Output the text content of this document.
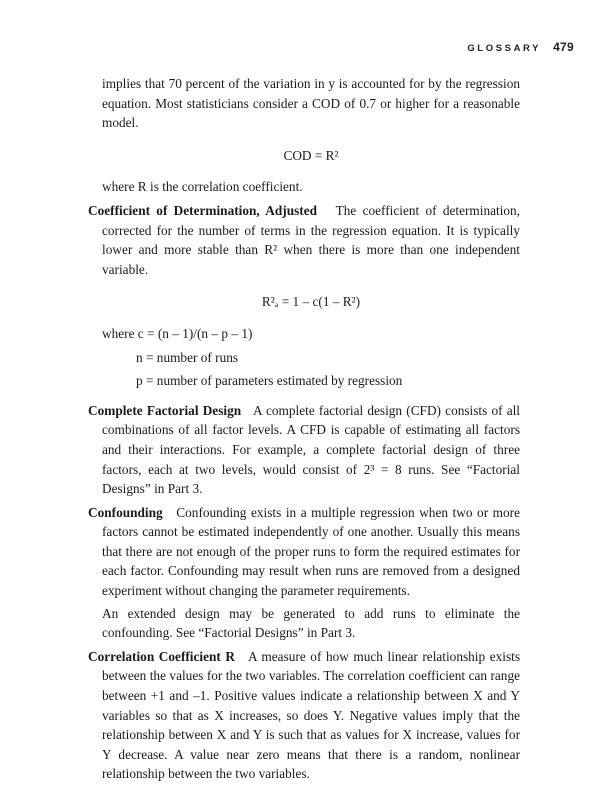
GLOSSARY 479

implies that 70 percent of the variation in y is accounted for by the regression equation. Most statisticians consider a COD of 0.7 or higher for a reasonable model.

COD = R²

where R is the correlation coefficient.

Coefficient of Determination, Adjusted The coefficient of determination, corrected for the number of terms in the regression equation. It is typically lower and more stable than R² when there is more than one independent variable.

R²ₐ = 1 – c(1 – R²)

where c = (n – 1)/(n – p – 1)

n = number of runs

p = number of parameters estimated by regression

Complete Factorial Design A complete factorial design (CFD) consists of all combinations of all factor levels. A CFD is capable of estimating all factors and their interactions. For example, a complete factorial design of three factors, each at two levels, would consist of 2³ = 8 runs. See “Factorial Designs” in Part 3.

Confounding Confounding exists in a multiple regression when two or more factors cannot be estimated independently of one another. Usually this means that there are not enough of the proper runs to form the required estimates for each factor. Confounding may result when runs are removed from a designed experiment without changing the parameter requirements.

An extended design may be generated to add runs to eliminate the confounding. See “Factorial Designs” in Part 3.

Correlation Coefficient R A measure of how much linear relationship exists between the values for the two variables. The correlation coefficient can range between +1 and –1. Positive values indicate a relationship between X and Y variables so that as X increases, so does Y. Negative values imply that the relationship between X and Y is such that as values for X increase, values for Y decrease. A value near zero means that there is a random, nonlinear relationship between the two variables.
